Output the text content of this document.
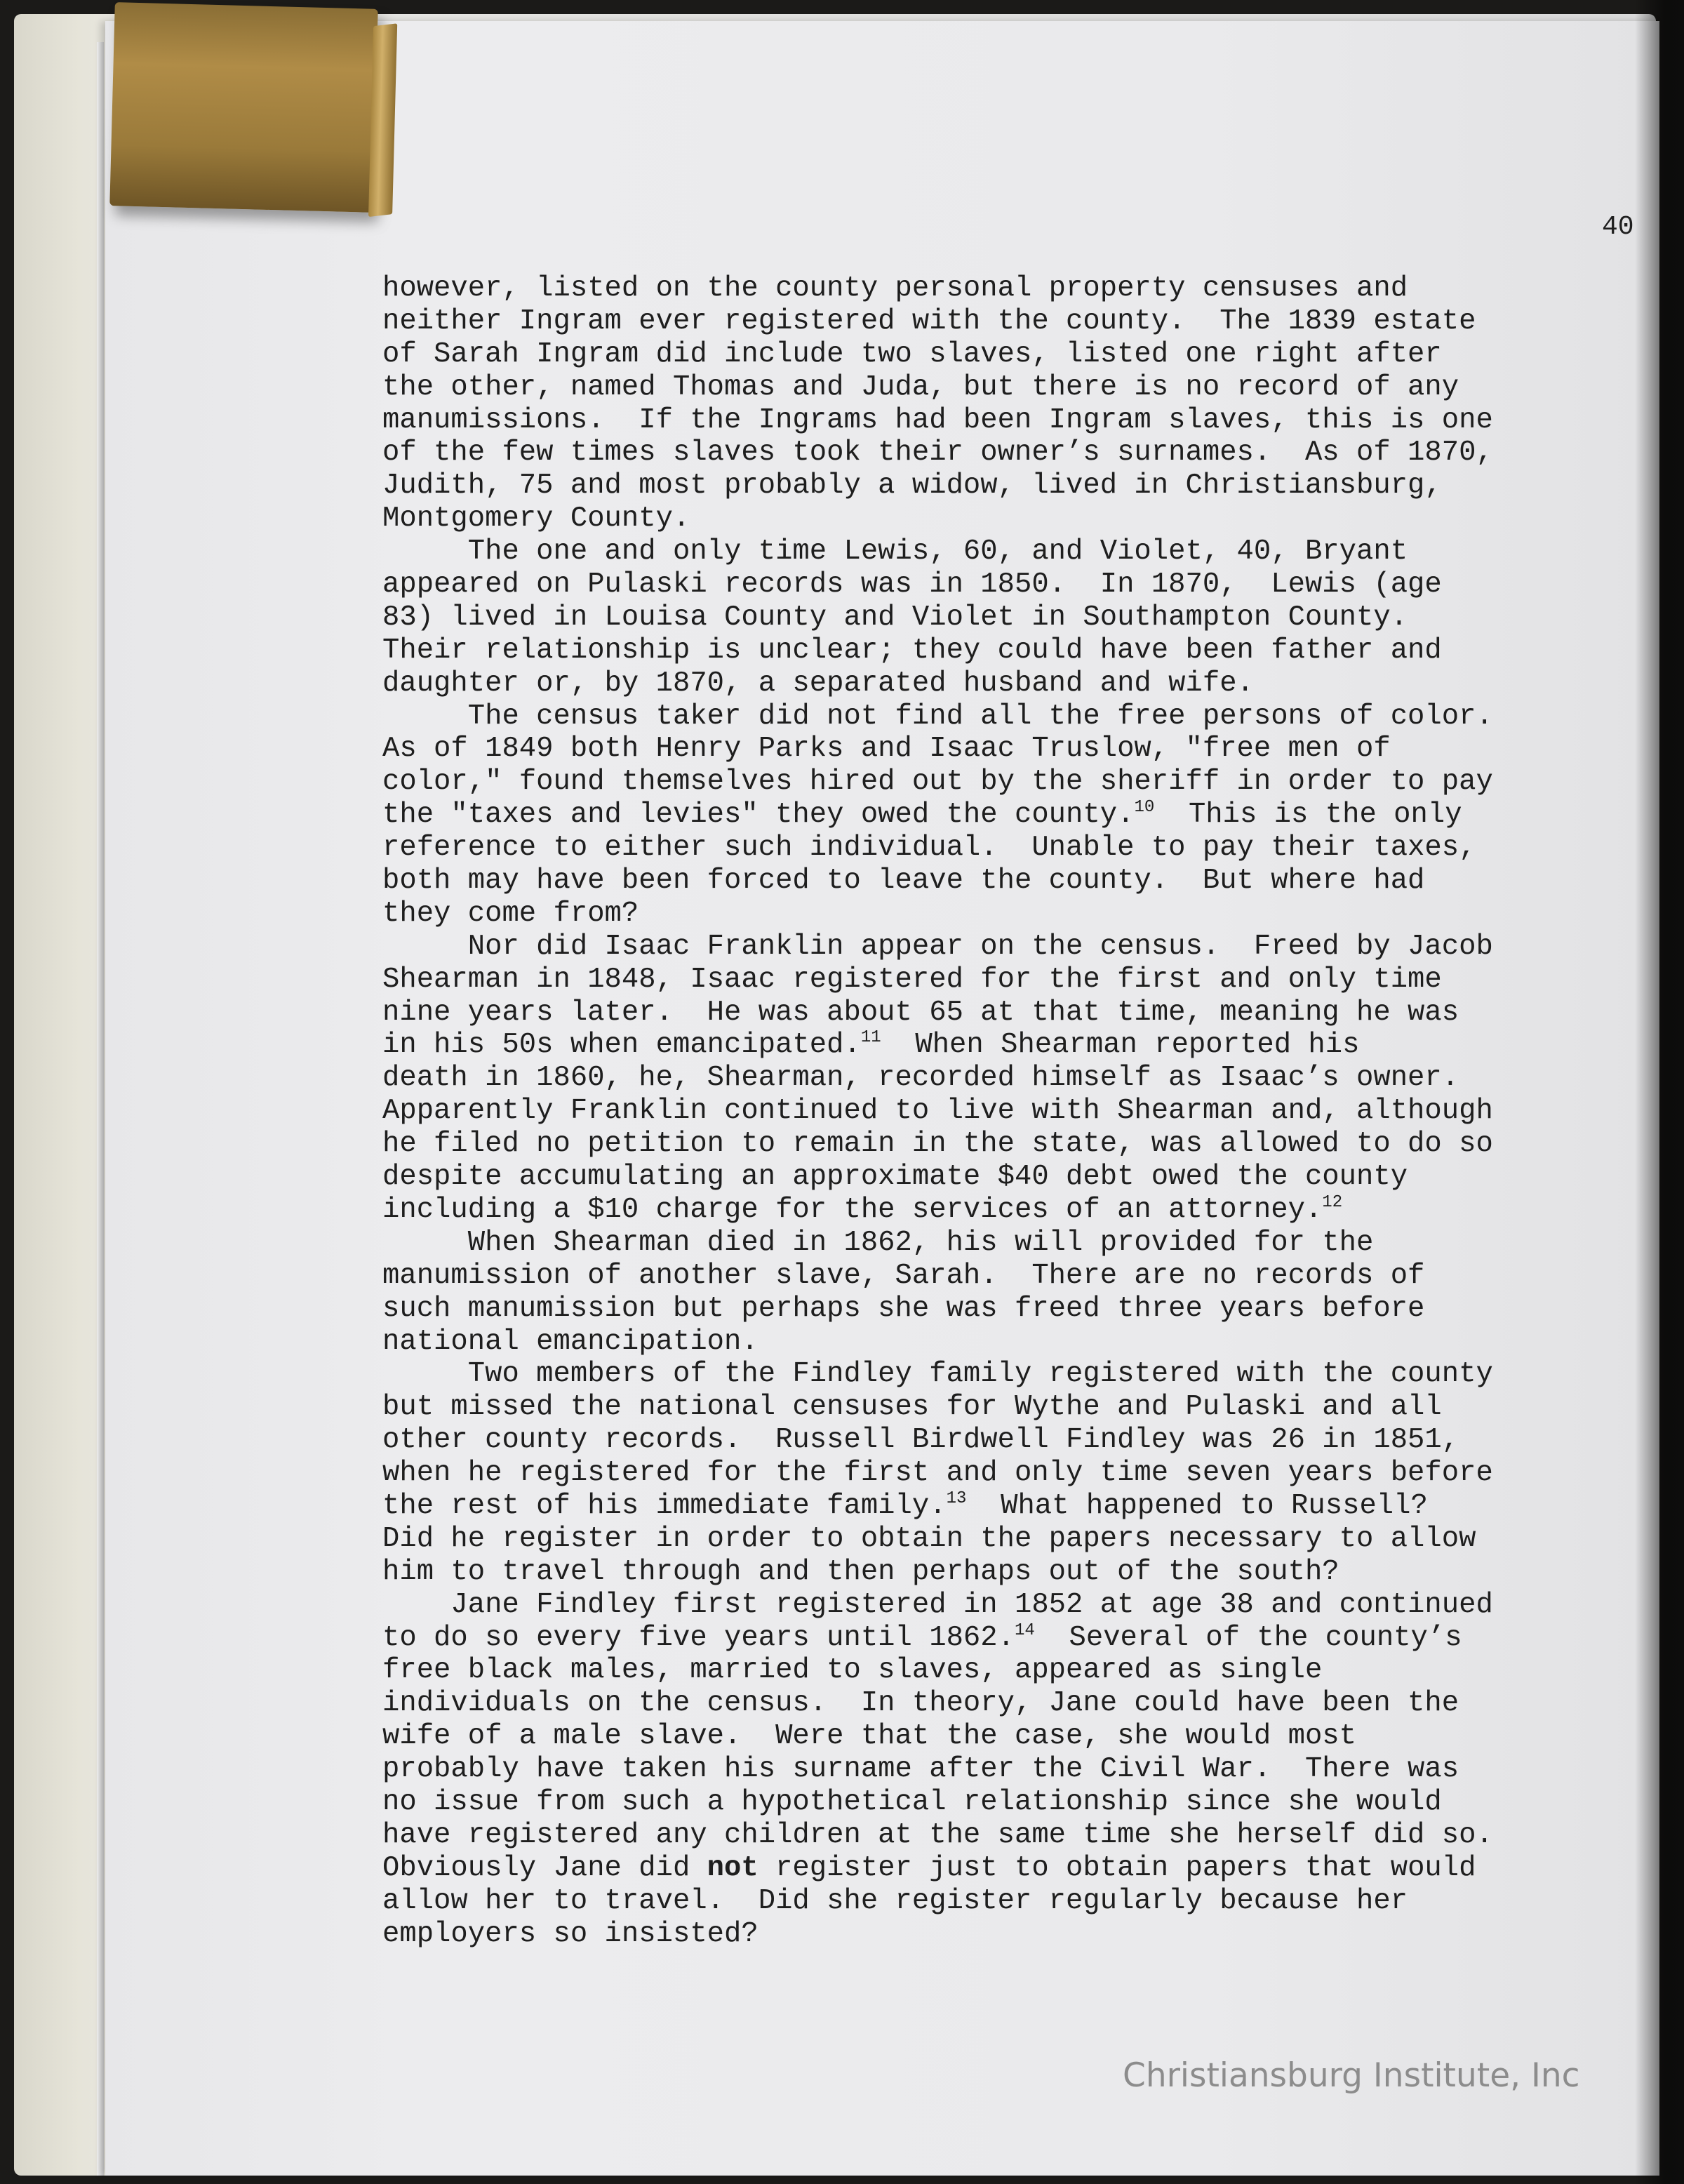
40
however, listed on the county personal property censuses and
neither Ingram ever registered with the county.  The 1839 estate
of Sarah Ingram did include two slaves, listed one right after
the other, named Thomas and Juda, but there is no record of any
manumissions.  If the Ingrams had been Ingram slaves, this is one
of the few times slaves took their owner’s surnames.  As of 1870,
Judith, 75 and most probably a widow, lived in Christiansburg,
Montgomery County.
The one and only time Lewis, 60, and Violet, 40, Bryant
appeared on Pulaski records was in 1850.  In 1870,  Lewis (age
83) lived in Louisa County and Violet in Southampton County.
Their relationship is unclear; they could have been father and
daughter or, by 1870, a separated husband and wife.
The census taker did not find all the free persons of color.
As of 1849 both Henry Parks and Isaac Truslow, "free men of
color," found themselves hired out by the sheriff in order to pay
the "taxes and levies" they owed the county.$^{10}$  This is the only
reference to either such individual.  Unable to pay their taxes,
both may have been forced to leave the county.  But where had
they come from?
Nor did Isaac Franklin appear on the census.  Freed by Jacob
Shearman in 1848, Isaac registered for the first and only time
nine years later.  He was about 65 at that time, meaning he was
in his 50s when emancipated.$^{11}$  When Shearman reported his
death in 1860, he, Shearman, recorded himself as Isaac’s owner.
Apparently Franklin continued to live with Shearman and, although
he filed no petition to remain in the state, was allowed to do so
despite accumulating an approximate $40 debt owed the county
including a $10 charge for the services of an attorney.$^{12}$
When Shearman died in 1862, his will provided for the
manumission of another slave, Sarah.  There are no records of
such manumission but perhaps she was freed three years before
national emancipation.
Two members of the Findley family registered with the county
but missed the national censuses for Wythe and Pulaski and all
other county records.  Russell Birdwell Findley was 26 in 1851,
when he registered for the first and only time seven years before
the rest of his immediate family.$^{13}$  What happened to Russell?
Did he register in order to obtain the papers necessary to allow
him to travel through and then perhaps out of the south?
Jane Findley first registered in 1852 at age 38 and continued
to do so every five years until 1862.14  Several of the county’s
free black males, married to slaves, appeared as single
individuals on the census.  In theory, Jane could have been the
wife of a male slave.  Were that the case, she would most
probably have taken his surname after the Civil War.  There was
no issue from such a hypothetical relationship since she would
have registered any children at the same time she herself did so.
Obviously Jane did not register just to obtain papers that would
allow her to travel.  Did she register regularly because her
employers so insisted?
Christiansburg Institute, Inc
